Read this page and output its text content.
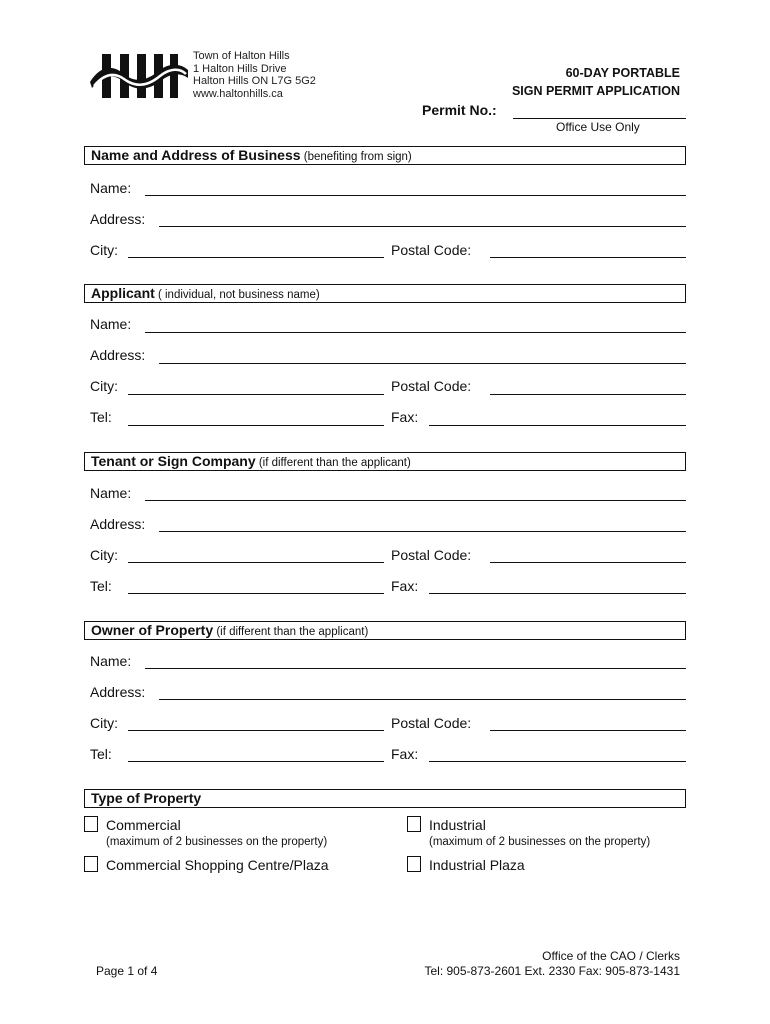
Town of Halton Hills
1 Halton Hills Drive
Halton Hills ON L7G 5G2
www.haltonhills.ca
60-DAY PORTABLE
SIGN PERMIT APPLICATION
Permit No.:
Office Use Only
Name and Address of Business (benefiting from sign)
Name:
Address:
City:	Postal Code:
Applicant ( individual, not business name)
Name:
Address:
City:	Postal Code:
Tel:	Fax:
Tenant or Sign Company (if different than the applicant)
Name:
Address:
City:	Postal Code:
Tel:	Fax:
Owner of Property (if different than the applicant)
Name:
Address:
City:	Postal Code:
Tel:	Fax:
Type of Property
Commercial
(maximum of 2 businesses on the property)
Industrial
(maximum of 2 businesses on the property)
Commercial Shopping Centre/Plaza	Industrial Plaza
Page 1 of 4
Office of the CAO / Clerks
Tel: 905-873-2601 Ext. 2330 Fax: 905-873-1431
